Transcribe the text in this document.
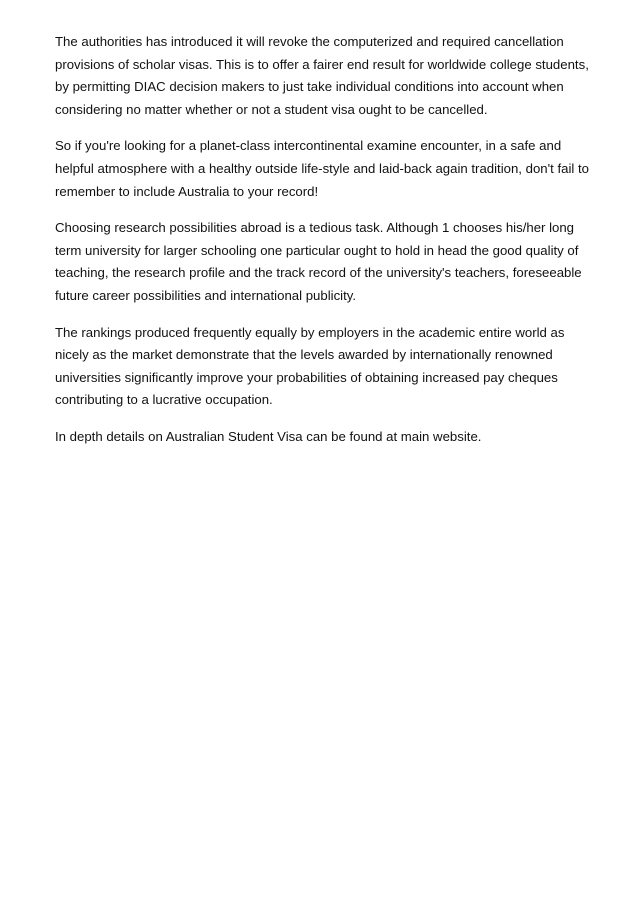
The authorities has introduced it will revoke the computerized and required cancellation
provisions of scholar visas. This is to offer a fairer end result for worldwide college students,
by permitting DIAC decision makers to just take individual conditions into account when
considering no matter whether or not a student visa ought to be cancelled.

So if you're looking for a planet-class intercontinental examine encounter, in a safe and
helpful atmosphere with a healthy outside life-style and laid-back again tradition, don't fail to
remember to include Australia to your record!

Choosing research possibilities abroad is a tedious task. Although 1 chooses his/her long
term university for larger schooling one particular ought to hold in head the good quality of
teaching, the research profile and the track record of the university's teachers, foreseeable
future career possibilities and international publicity.

The rankings produced frequently equally by employers in the academic entire world as
nicely as the market demonstrate that the levels awarded by internationally renowned
universities significantly improve your probabilities of obtaining increased pay cheques
contributing to a lucrative occupation.

In depth details on Australian Student Visa can be found at main website.
